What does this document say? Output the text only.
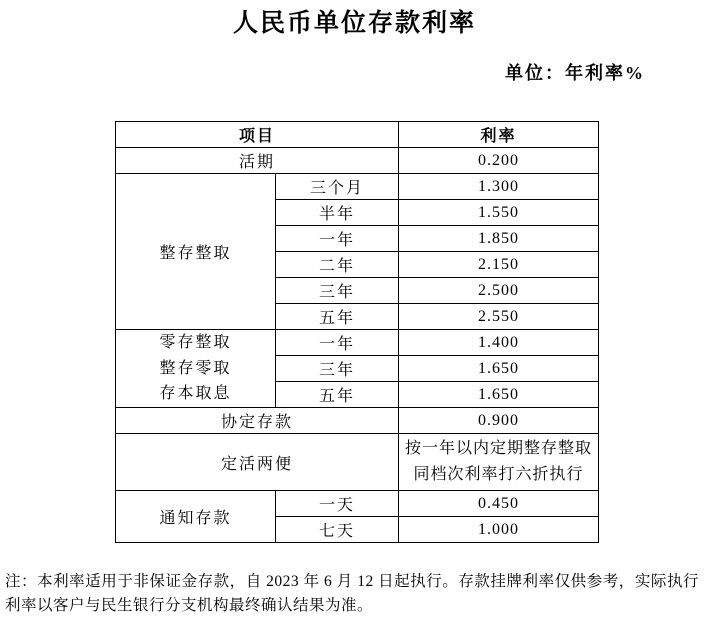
人民币单位存款利率
单位：年利率%
项目		利率
活期		0.200
整存整取	三个月	1.300
	半年	1.550
	一年	1.850
	二年	2.150
	三年	2.500
	五年	2.550

零存整取
整存零取
存本取息	一年	1.400
	三年	1.650
	五年	1.650
协定存款		0.900
定活两便		按一年以内定期整存整取
同档次利率打六折执行

通知存款	一天	0.450
	七天	1.000

注：本利率适用于非保证金存款，自 2023 年 6 月 12 日起执行。存款挂牌利率仅供参考，实际执行利率以客户与民生银行分支机构最终确认结果为准。
